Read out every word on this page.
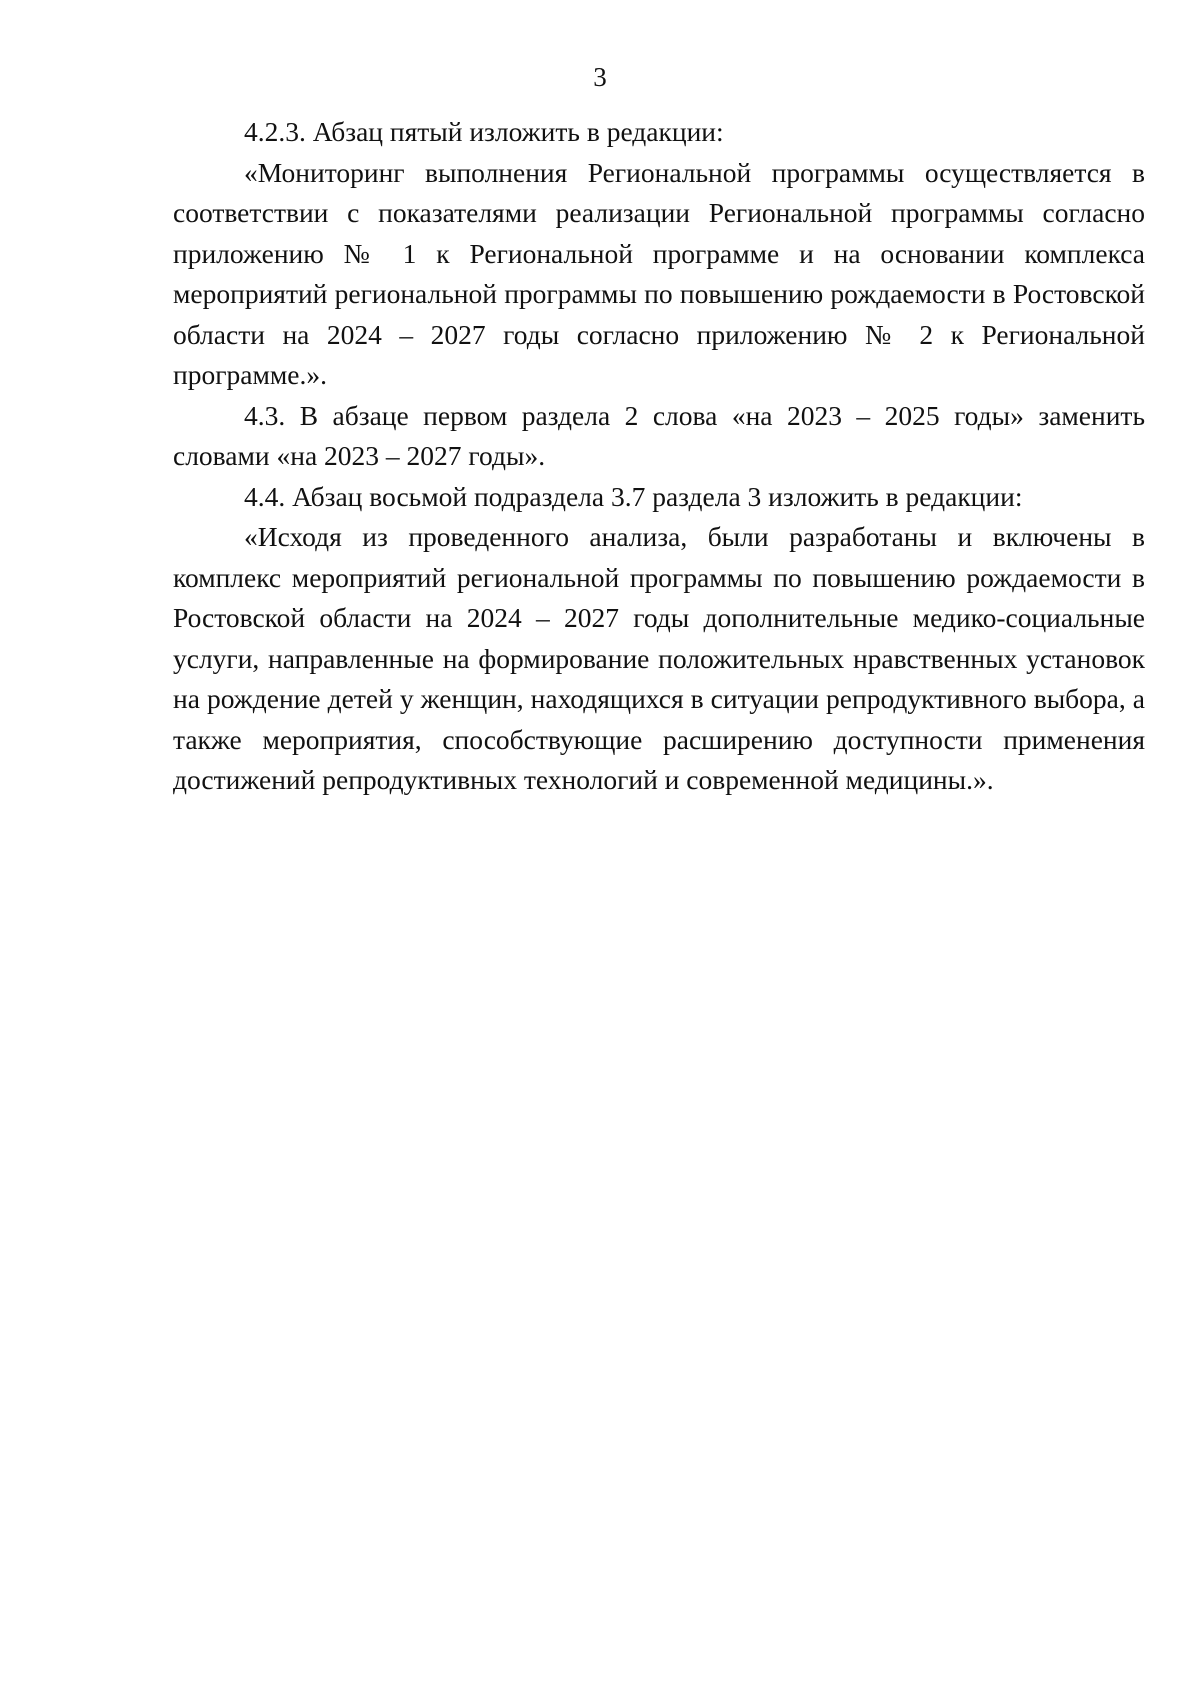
3

4.2.3. Абзац пятый изложить в редакции:

«Мониторинг выполнения Региональной программы осуществляется в соответствии с показателями реализации Региональной программы согласно приложению № 1 к Региональной программе и на основании комплекса мероприятий региональной программы по повышению рождаемости в Ростовской области на 2024 – 2027 годы согласно приложению № 2 к Региональной программе.».

4.3. В абзаце первом раздела 2 слова «на 2023 – 2025 годы» заменить словами «на 2023 – 2027 годы».

4.4. Абзац восьмой подраздела 3.7 раздела 3 изложить в редакции:

«Исходя из проведенного анализа, были разработаны и включены в комплекс мероприятий региональной программы по повышению рождаемости в Ростовской области на 2024 – 2027 годы дополнительные медико-социальные услуги, направленные на формирование положительных нравственных установок на рождение детей у женщин, находящихся в ситуации репродуктивного выбора, а также мероприятия, способствующие расширению доступности применения достижений репродуктивных технологий и современной медицины.».
